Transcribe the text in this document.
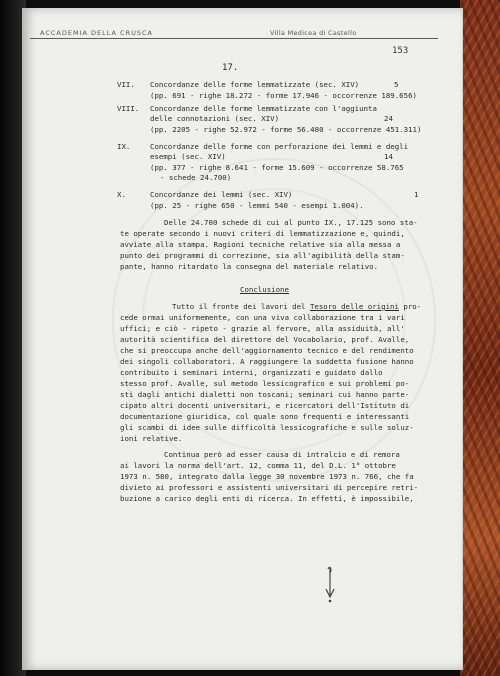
ACCADEMIA DELLA CRUSCA	Villa Medicea di Castello
153
17.
VII. Concordanze delle forme lemmatizzate (sec. XIV)	5
(pp. 691 - righe 18.272 - forme 17.946 - occorrenze 189.656)
VIII. Concordanze delle forme lemmatizzate con l'aggiunta
delle connotazioni (sec. XIV)	24
(pp. 2205 - righe 52.972 - forme 56.480 - occorrenze 451.311)
IX.	Concordanze delle forme con perforazione dei lemmi e degli
esempi (sec. XIV)	14
(pp. 377 - righe 8.641 - forme 15.609 - occorrenze 58.765
- schede 24.700)
X.	Concordanze dei lemmi (sec. XIV)	1
(pp. 25 - righe 650 - lemmi 540 - esempi 1.004).
Delle 24.700 schede di cui al punto IX., 17.125 sono sta-
te operate secondo i nuovi criteri di lemmatizzazione e, quindi,
avviate alla stampa. Ragioni tecniche relative sia alla messa a
punto dei programmi di correzione, sia all'agibilità della stam-
pante, hanno ritardato la consegna del materiale relativo.
Conclusione
Tutto il fronte dei lavori del Tesoro delle origini pro-
cede ormai uniformemente, con una viva collaborazione tra i vari
uffici; e ciò - ripeto - grazie al fervore, alla assiduità, all'
autorità scientifica del direttore del Vocabolario, prof. Avalle,
che si preoccupa anche dell'aggiornamento tecnico e del rendimento
dei singoli collaboratori. A raggiungere la suddetta fusione hanno
contribuito i seminari interni, organizzati e guidato dallo
stesso prof. Avalle, sul metodo lessicografico e sui problemi po-
sti dagli antichi dialetti non toscani; seminari cui hanno parte-
cipato altri docenti universitari, e ricercatori dell'Istituto di
documentazione giuridica, col quale sono frequenti e interessanti
gli scambi di idee sulle difficoltà lessicografiche e sulle soluz-
ioni relative.
Continua però ad esser causa di intralcio e di remora
ai lavori la norma dell'art. 12, comma 11, del D.L. 1° ottobre
1973 n. 580, integrato dalla legge 30 novembre 1973 n. 766, che fa
divieto ai professori e assistenti universitari di percepire retri-
buzione a carico degli enti di ricerca. In effetti, è impossibile,
